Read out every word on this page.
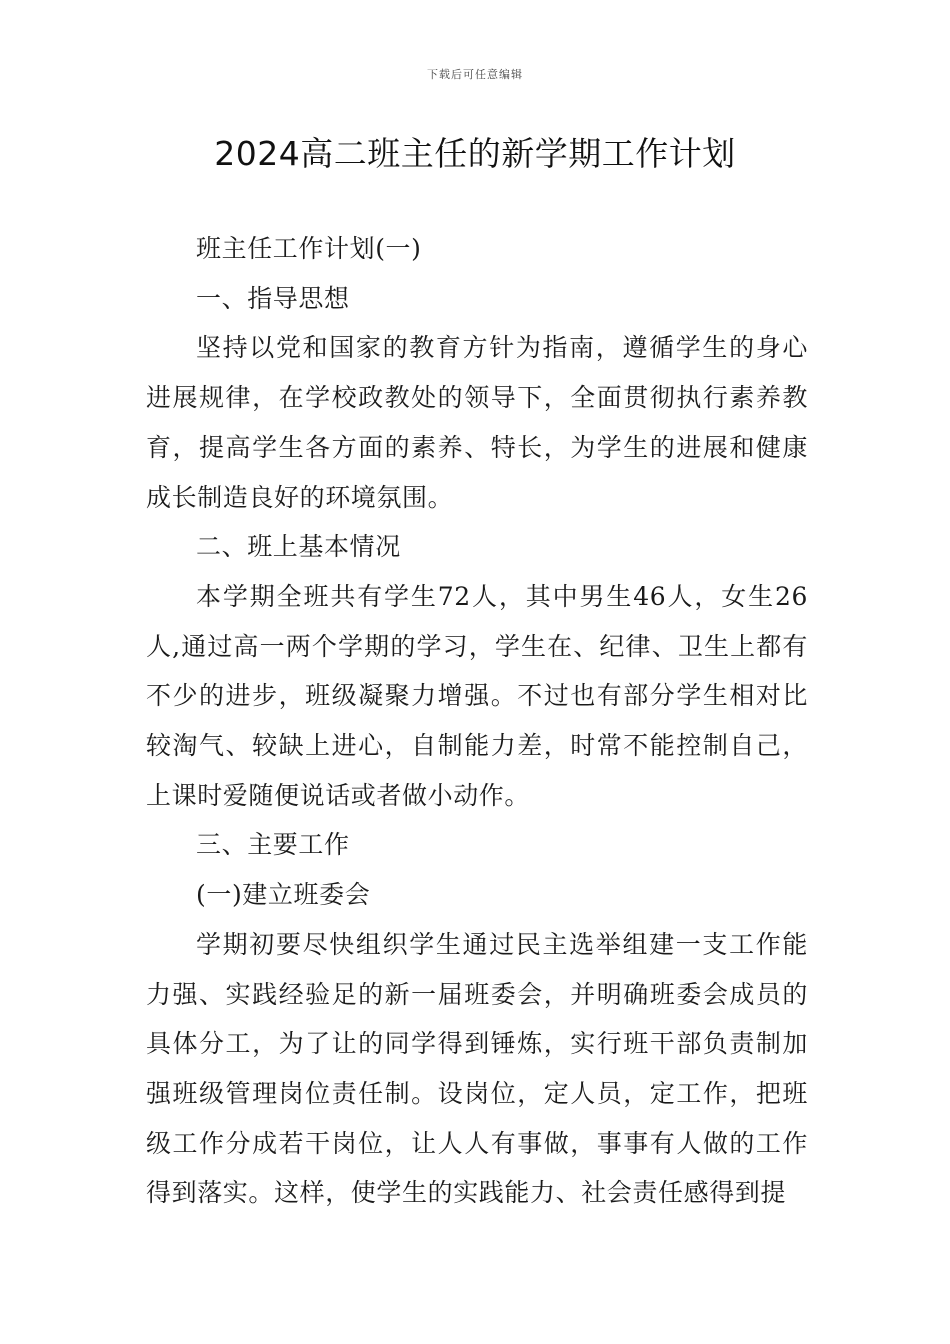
下载后可任意编辑
2024高二班主任的新学期工作计划

班主任工作计划(一)

一、指导思想

坚持以党和国家的教育方针为指南，遵循学生的身心进展规律，在学校政教处的领导下，全面贯彻执行素养教育，提高学生各方面的素养、特长，为学生的进展和健康成长制造良好的环境氛围。

二、班上基本情况

本学期全班共有学生72人，其中男生46人，女生26人,通过高一两个学期的学习，学生在、纪律、卫生上都有不少的进步，班级凝聚力增强。不过也有部分学生相对比较淘气、较缺上进心，自制能力差，时常不能控制自己，上课时爱随便说话或者做小动作。

三、主要工作

(一)建立班委会

学期初要尽快组织学生通过民主选举组建一支工作能力强、实践经验足的新一届班委会，并明确班委会成员的具体分工，为了让的同学得到锤炼，实行班干部负责制加强班级管理岗位责任制。设岗位，定人员，定工作，把班级工作分成若干岗位，让人人有事做，事事有人做的工作得到落实。这样，使学生的实践能力、社会责任感得到提
